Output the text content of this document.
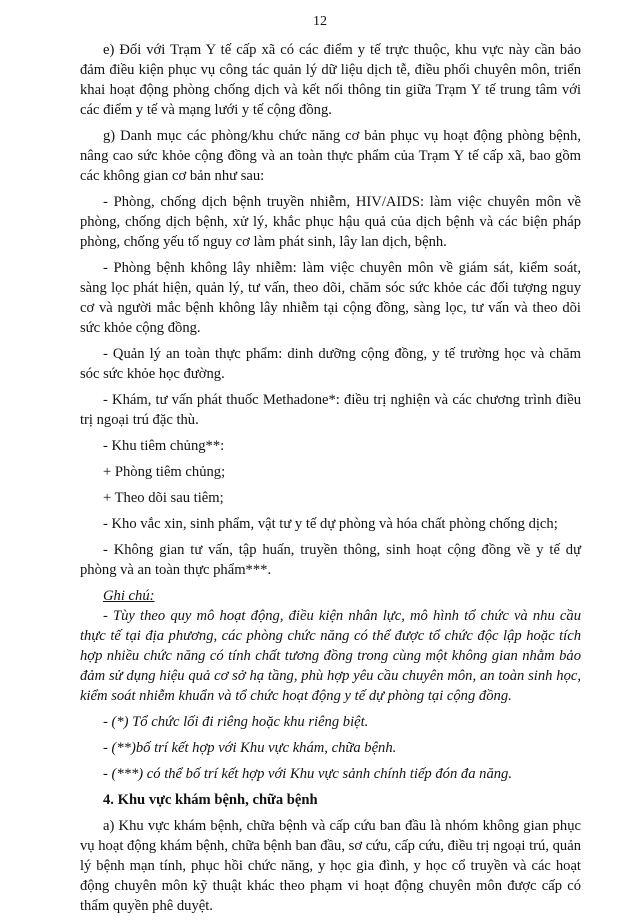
12

e) Đối với Trạm Y tế cấp xã có các điểm y tế trực thuộc, khu vực này cần bảo đảm điều kiện phục vụ công tác quản lý dữ liệu dịch tễ, điều phối chuyên môn, triển khai hoạt động phòng chống dịch và kết nối thông tin giữa Trạm Y tế trung tâm với các điểm y tế và mạng lưới y tế cộng đồng.

g) Danh mục các phòng/khu chức năng cơ bản phục vụ hoạt động phòng bệnh, nâng cao sức khỏe cộng đồng và an toàn thực phẩm của Trạm Y tế cấp xã, bao gồm các không gian cơ bản như sau:

- Phòng, chống dịch bệnh truyền nhiễm, HIV/AIDS: làm việc chuyên môn về phòng, chống dịch bệnh, xử lý, khắc phục hậu quả của dịch bệnh và các biện pháp phòng, chống yếu tố nguy cơ làm phát sinh, lây lan dịch, bệnh.

- Phòng bệnh không lây nhiễm: làm việc chuyên môn về giám sát, kiểm soát, sàng lọc phát hiện, quản lý, tư vấn, theo dõi, chăm sóc sức khỏe các đối tượng nguy cơ và người mắc bệnh không lây nhiễm tại cộng đồng, sàng lọc, tư vấn và theo dõi sức khỏe cộng đồng.

- Quản lý an toàn thực phẩm: dinh dưỡng cộng đồng, y tế trường học và chăm sóc sức khỏe học đường.

- Khám, tư vấn phát thuốc Methadone*: điều trị nghiện và các chương trình điều trị ngoại trú đặc thù.

- Khu tiêm chủng**:

+ Phòng tiêm chủng;

+ Theo dõi sau tiêm;

- Kho vắc xin, sinh phẩm, vật tư y tế dự phòng và hóa chất phòng chống dịch;

- Không gian tư vấn, tập huấn, truyền thông, sinh hoạt cộng đồng về y tế dự phòng và an toàn thực phẩm***.

Ghi chú:

- Tùy theo quy mô hoạt động, điều kiện nhân lực, mô hình tổ chức và nhu cầu thực tế tại địa phương, các phòng chức năng có thể được tổ chức độc lập hoặc tích hợp nhiều chức năng có tính chất tương đồng trong cùng một không gian nhằm bảo đảm sử dụng hiệu quả cơ sở hạ tầng, phù hợp yêu cầu chuyên môn, an toàn sinh học, kiểm soát nhiễm khuẩn và tổ chức hoạt động y tế dự phòng tại cộng đồng.

- (*) Tổ chức lối đi riêng hoặc khu riêng biệt.

- (**)bố trí kết hợp với Khu vực khám, chữa bệnh.

- (***) có thể bố trí kết hợp với Khu vực sảnh chính tiếp đón đa năng.

4. Khu vực khám bệnh, chữa bệnh

a) Khu vực khám bệnh, chữa bệnh và cấp cứu ban đầu là nhóm không gian phục vụ hoạt động khám bệnh, chữa bệnh ban đầu, sơ cứu, cấp cứu, điều trị ngoại trú, quản lý bệnh mạn tính, phục hồi chức năng, y học gia đình, y học cổ truyền và các hoạt động chuyên môn kỹ thuật khác theo phạm vi hoạt động chuyên môn được cấp có thẩm quyền phê duyệt.
